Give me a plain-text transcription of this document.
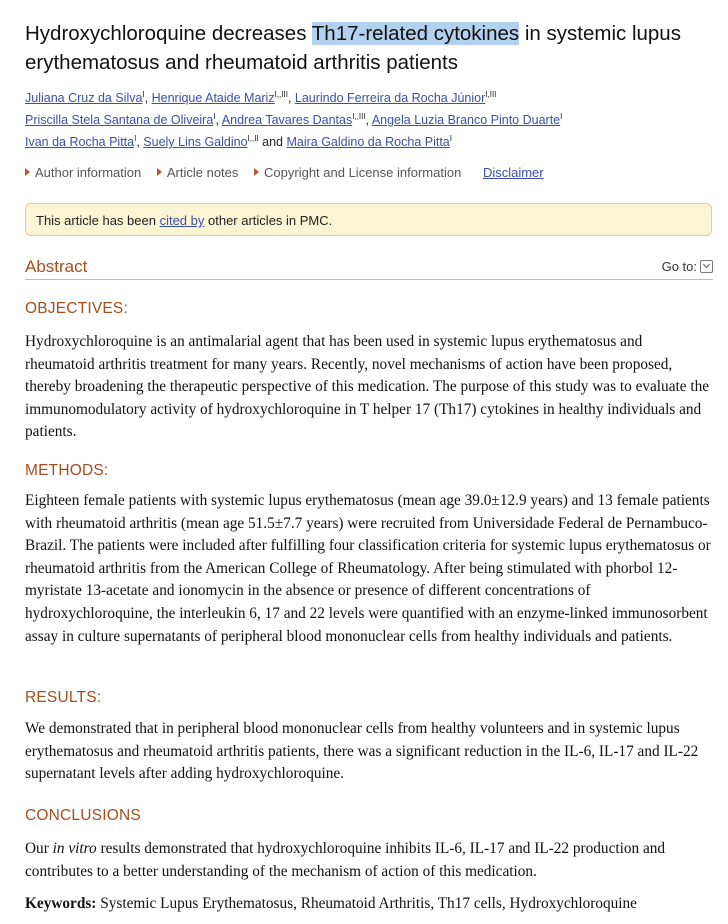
Hydroxychloroquine decreases Th17-related cytokines in systemic lupus erythematosus and rheumatoid arthritis patients
Juliana Cruz da Silva$^I$, Henrique Ataide Mariz$^{I,,III}$, Laurindo Ferreira da Rocha Júnior$^{I,III}$
Priscilla Stela Santana de Oliveira$^I$, Andrea Tavares Dantas$^{I,,III}$, Angela Luzia Branco Pinto Duarte$^I$
Ivan da Rocha Pitta$^I$, Suely Lins Galdino$^{I,,II}$ and Maira Galdino da Rocha Pitta$^I$
Author information Article notes Copyright and License information Disclaimer
This article has been cited by other articles in PMC.
Abstract	Go to:
OBJECTIVES:

Hydroxychloroquine is an antimalarial agent that has been used in systemic lupus erythematosus and rheumatoid arthritis treatment for many years. Recently, novel mechanisms of action have been proposed, thereby broadening the therapeutic perspective of this medication. The purpose of this study was to evaluate the immunomodulatory activity of hydroxychloroquine in T helper 17 (Th17) cytokines in healthy individuals and patients.

METHODS:

Eighteen female patients with systemic lupus erythematosus (mean age 39.0±12.9 years) and 13 female patients with rheumatoid arthritis (mean age 51.5±7.7 years) were recruited from Universidade Federal de Pernambuco-Brazil. The patients were included after fulfilling four classification criteria for systemic lupus erythematosus or rheumatoid arthritis from the American College of Rheumatology. After being stimulated with phorbol 12-myristate 13-acetate and ionomycin in the absence or presence of different concentrations of hydroxychloroquine, the interleukin 6, 17 and 22 levels were quantified with an enzyme-linked immunosorbent assay in culture supernatants of peripheral blood mononuclear cells from healthy individuals and patients.

RESULTS:

We demonstrated that in peripheral blood mononuclear cells from healthy volunteers and in systemic lupus erythematosus and rheumatoid arthritis patients, there was a significant reduction in the IL-6, IL-17 and IL-22 supernatant levels after adding hydroxychloroquine.

CONCLUSIONS

Our in vitro results demonstrated that hydroxychloroquine inhibits IL-6, IL-17 and IL-22 production and contributes to a better understanding of the mechanism of action of this medication.

Keywords: Systemic Lupus Erythematosus, Rheumatoid Arthritis, Th17 cells, Hydroxychloroquine
